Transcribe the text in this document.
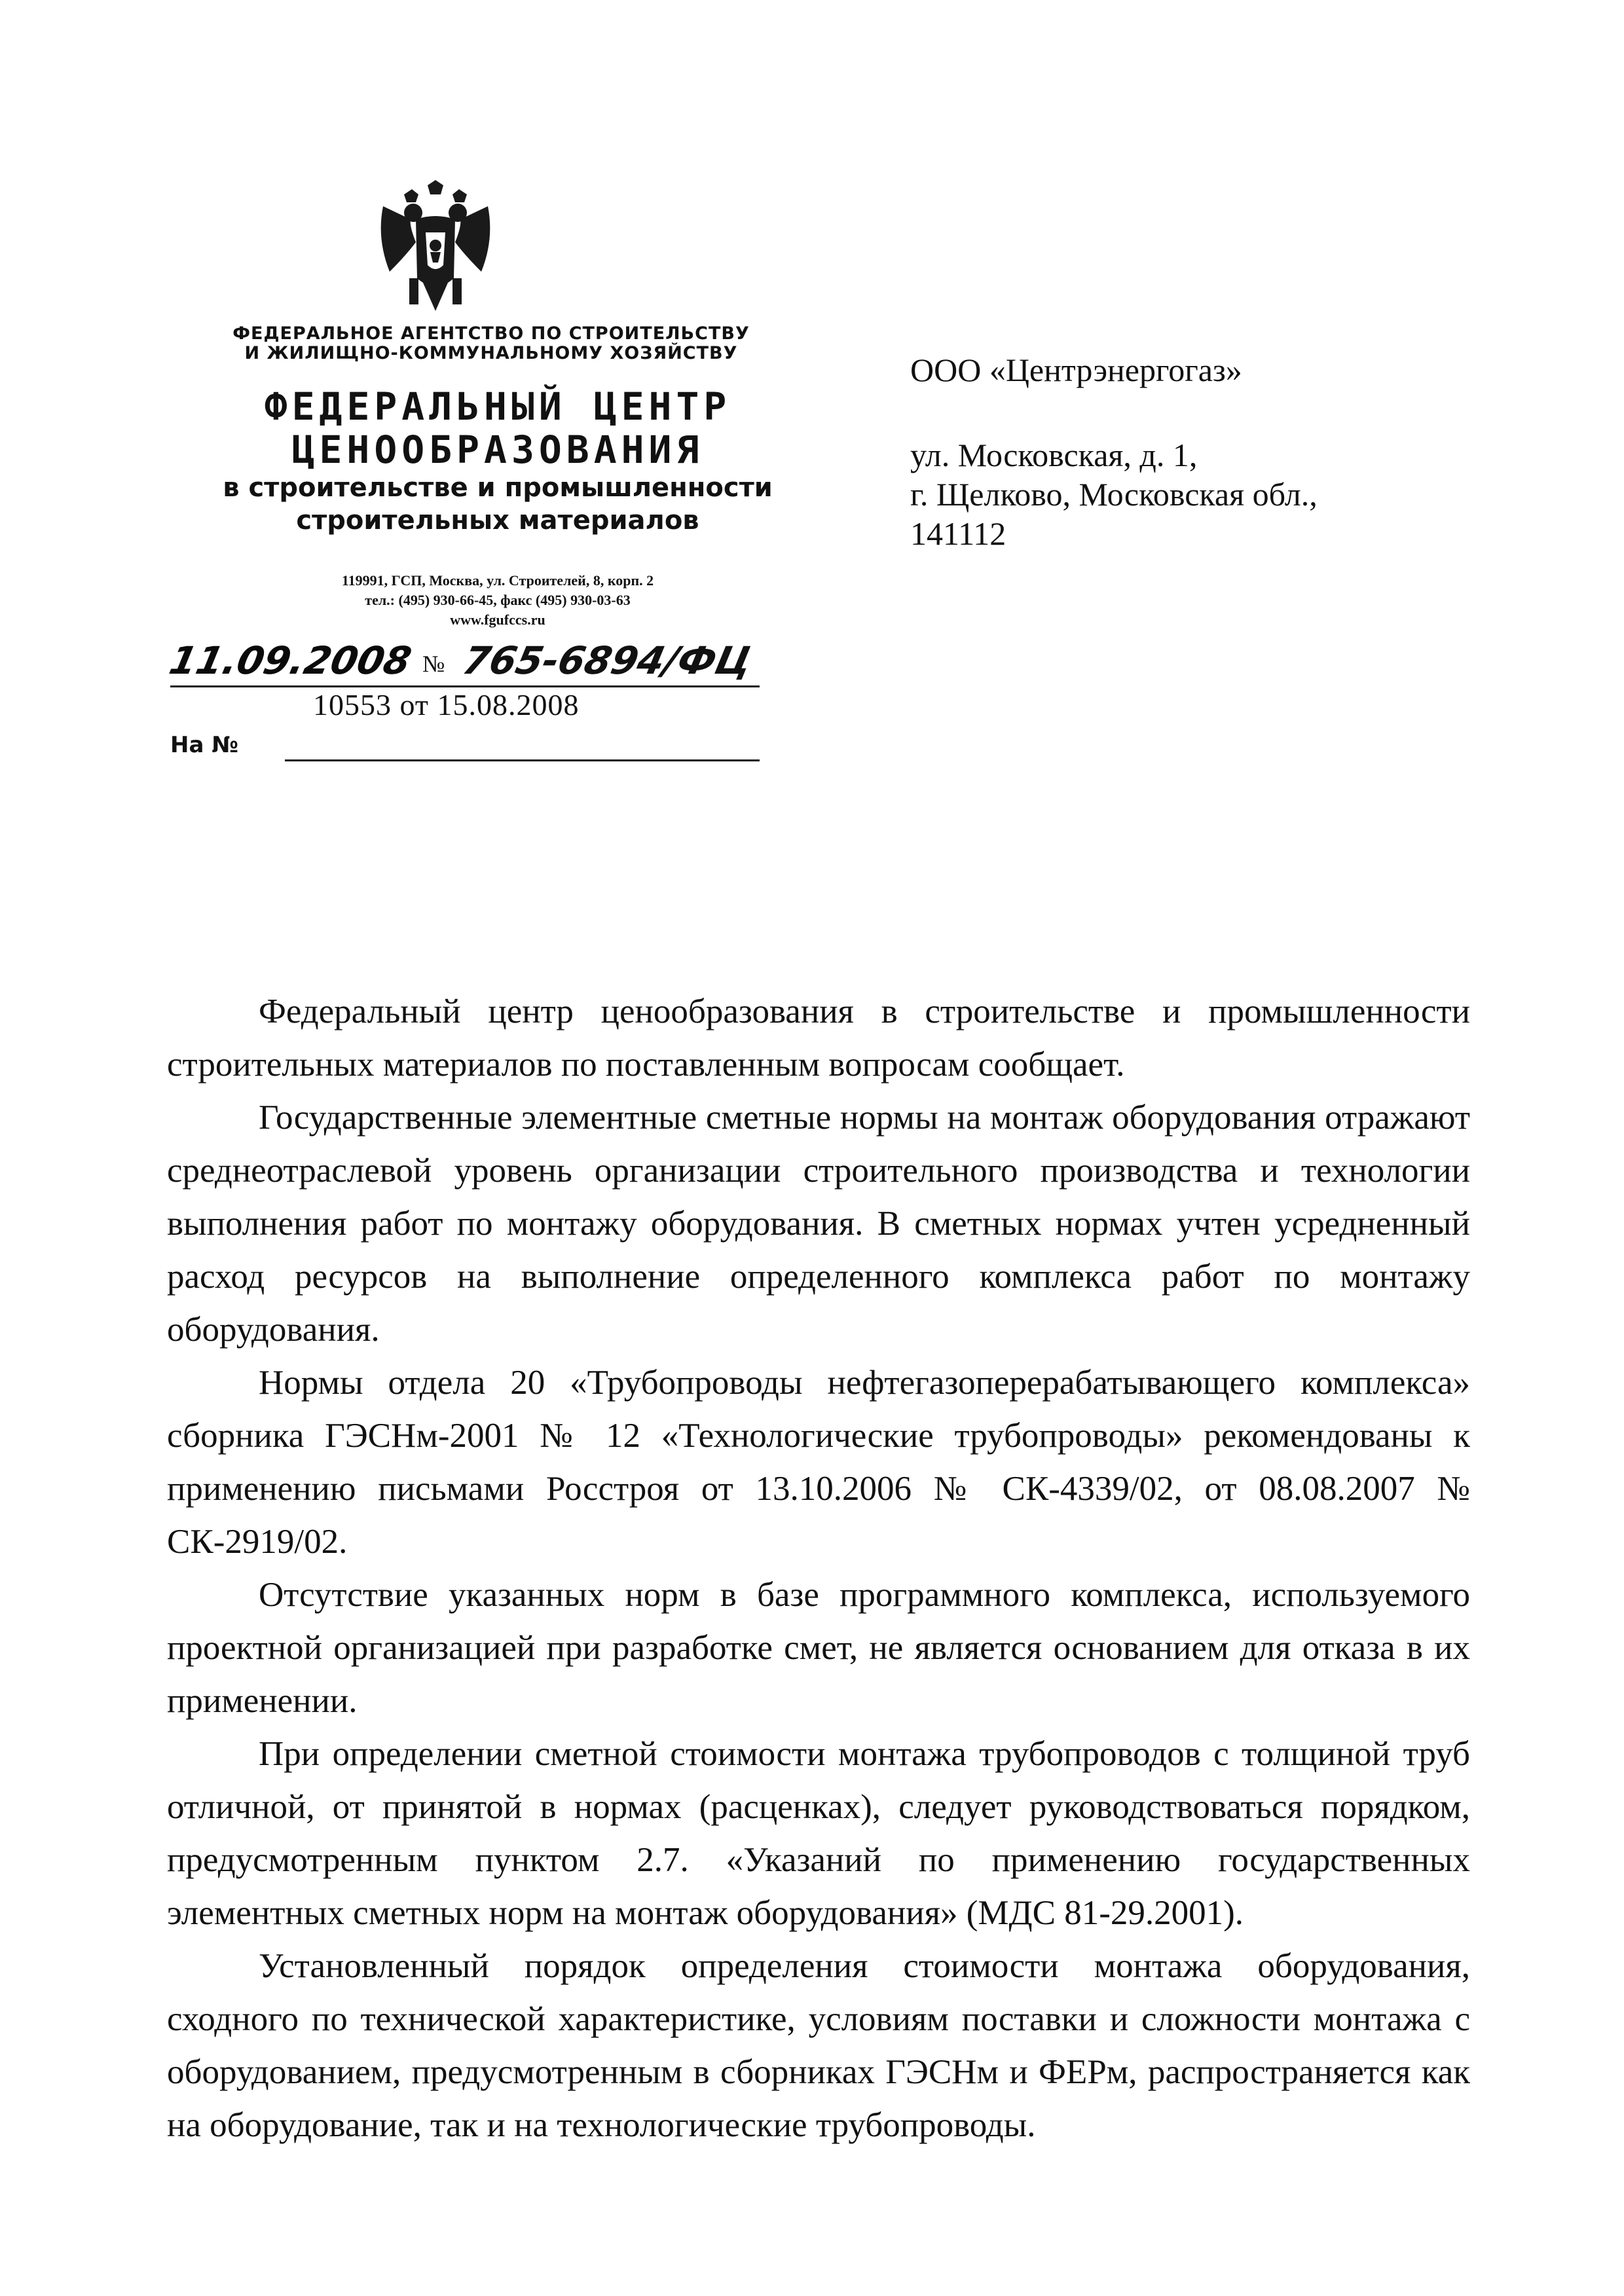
ФЕДЕРАЛЬНОЕ АГЕНТСТВО ПО СТРОИТЕЛЬСТВУ
И ЖИЛИЩНО-КОММУНАЛЬНОМУ ХОЗЯЙСТВУ
ФЕДЕРАЛЬНЫЙ ЦЕНТР
ЦЕНООБРАЗОВАНИЯ
в строительстве и промышленности
строительных материалов
119991, ГСП, Москва, ул. Строителей, 8, корп. 2
тел.: (495) 930-66-45, факс (495) 930-03-63
www.fgufccs.ru
11.09.2008 № 765-6894/ФЦ
10553 от 15.08.2008
На №
ООО «Центрэнергогаз»
ул. Московская, д. 1,
г. Щелково, Московская обл.,
141112

Федеральный центр ценообразования в строительстве и промышленности строительных материалов по поставленным вопросам сообщает.

Государственные элементные сметные нормы на монтаж оборудования отражают среднеотраслевой уровень организации строительного производства и технологии выполнения работ по монтажу оборудования. В сметных нормах учтен усредненный расход ресурсов на выполнение определенного комплекса работ по монтажу оборудования.

Нормы отдела 20 «Трубопроводы нефтегазоперерабатывающего комплекса» сборника ГЭСНм-2001 № 12 «Технологические трубопроводы» рекомендованы к применению письмами Росстроя от 13.10.2006 № СК-4339/02, от 08.08.2007 № СК-2919/02.

Отсутствие указанных норм в базе программного комплекса, используемого проектной организацией при разработке смет, не является основанием для отказа в их применении.

При определении сметной стоимости монтажа трубопроводов с толщиной труб отличной, от принятой в нормах (расценках), следует руководствоваться порядком, предусмотренным пунктом 2.7. «Указаний по применению государственных элементных сметных норм на монтаж оборудования» (МДС 81-29.2001).

Установленный порядок определения стоимости монтажа оборудования, сходного по технической характеристике, условиям поставки и сложности монтажа с оборудованием, предусмотренным в сборниках ГЭСНм и ФЕРм, распространяется как на оборудование, так и на технологические трубопроводы.
